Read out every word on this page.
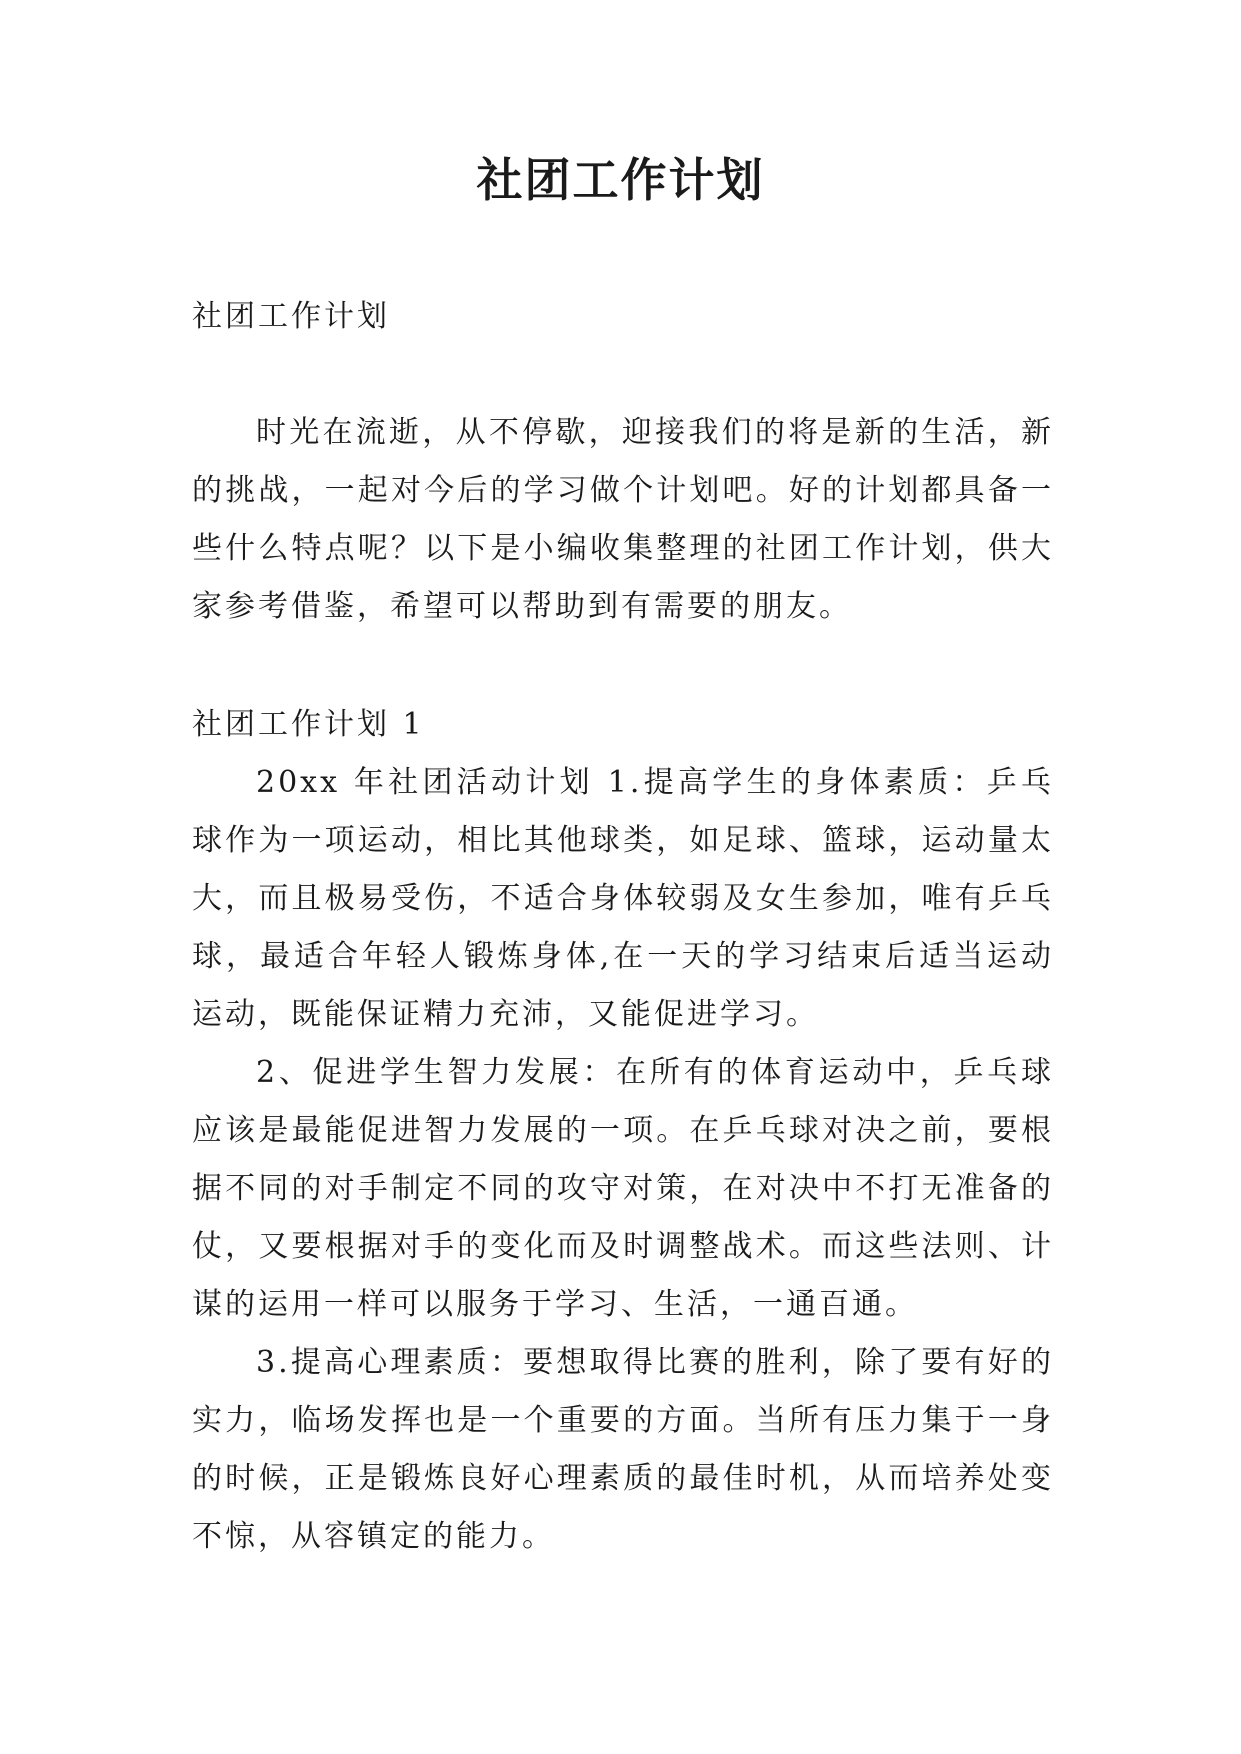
社团工作计划

社团工作计划

时光在流逝，从不停歇，迎接我们的将是新的生活，新的挑战，一起对今后的学习做个计划吧。好的计划都具备一些什么特点呢？以下是小编收集整理的社团工作计划，供大家参考借鉴，希望可以帮助到有需要的朋友。

社团工作计划 1

20xx 年社团活动计划 1.提高学生的身体素质：乒乓球作为一项运动，相比其他球类，如足球、篮球，运动量太大，而且极易受伤，不适合身体较弱及女生参加，唯有乒乓球，最适合年轻人锻炼身体,在一天的学习结束后适当运动运动，既能保证精力充沛，又能促进学习。

2、促进学生智力发展：在所有的体育运动中，乒乓球应该是最能促进智力发展的一项。在乒乓球对决之前，要根据不同的对手制定不同的攻守对策，在对决中不打无准备的仗，又要根据对手的变化而及时调整战术。而这些法则、计谋的运用一样可以服务于学习、生活，一通百通。

3.提高心理素质：要想取得比赛的胜利，除了要有好的实力，临场发挥也是一个重要的方面。当所有压力集于一身的时候，正是锻炼良好心理素质的最佳时机，从而培养处变不惊，从容镇定的能力。
